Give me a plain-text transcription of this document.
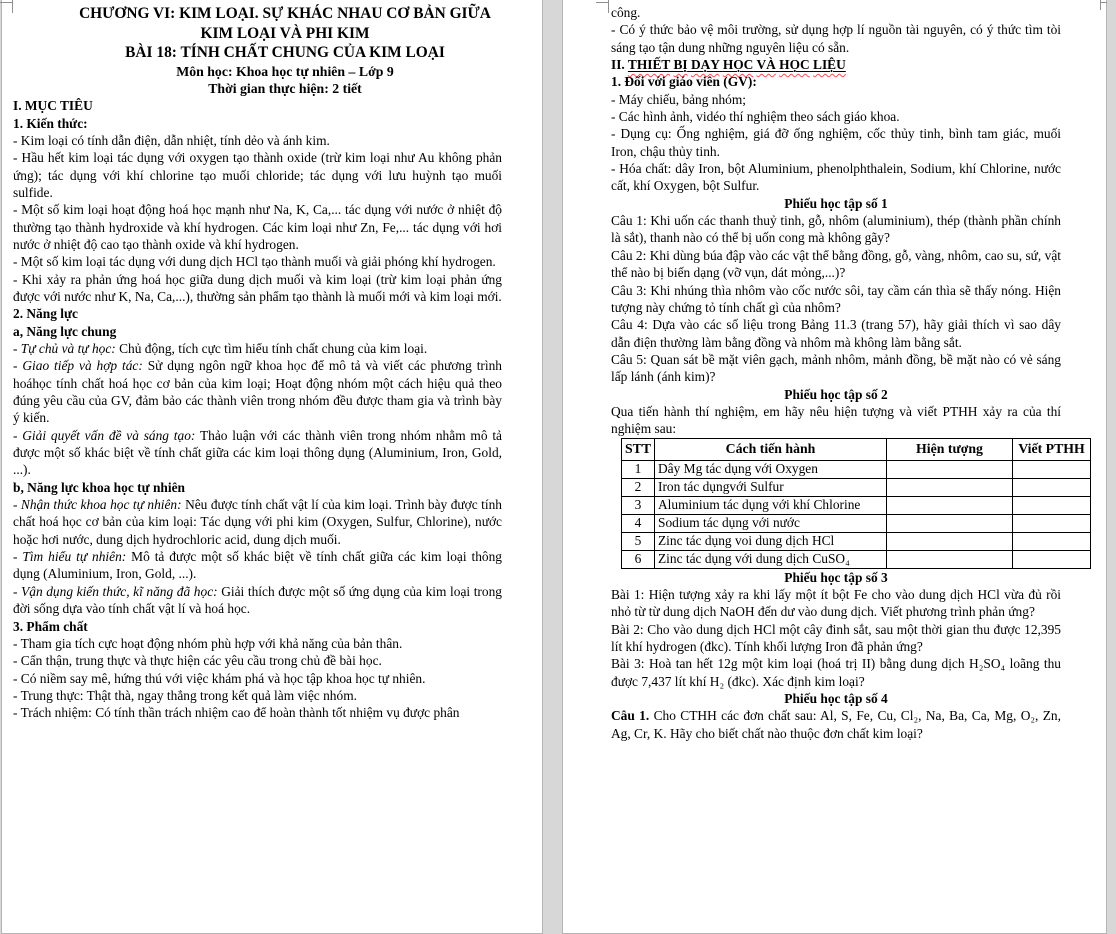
CHƯƠNG VI: KIM LOẠI. SỰ KHÁC NHAU CƠ BẢN GIỮA KIM LOẠI VÀ PHI KIM
BÀI 18: TÍNH CHẤT CHUNG CỦA KIM LOẠI
Môn học: Khoa học tự nhiên – Lớp 9
Thời gian thực hiện: 2 tiết
I. MỤC TIÊU
1. Kiến thức:
- Kim loại có tính dẫn điện, dẫn nhiệt, tính dẻo và ánh kim.
- Hầu hết kim loại tác dụng với oxygen tạo thành oxide (trừ kim loại như Au không phản ứng); tác dụng với khí chlorine tạo muối chloride; tác dụng với lưu huỳnh tạo muối sulfide.
- Một số kim loại hoạt động hoá học mạnh như Na, K, Ca,... tác dụng với nước ở nhiệt độ thường tạo thành hydroxide và khí hydrogen. Các kim loại như Zn, Fe,... tác dụng với hơi nước ở nhiệt độ cao tạo thành oxide và khí hydrogen.
- Một số kim loại tác dụng với dung dịch HCl tạo thành muối và giải phóng khí hydrogen.
- Khi xảy ra phản ứng hoá học giữa dung dịch muối và kim loại (trừ kim loại phản ứng được với nước như K, Na, Ca,...), thường sản phẩm tạo thành là muối mới và kim loại mới.
2. Năng lực
a, Năng lực chung
- Tự chủ và tự học: Chủ động, tích cực tìm hiểu tính chất chung của kim loại.
- Giao tiếp và hợp tác: Sử dụng ngôn ngữ khoa học để mô tả và viết các phương trình hoáhọc tính chất hoá học cơ bản của kim loại; Hoạt động nhóm một cách hiệu quả theo đúng yêu cầu của GV, đảm bảo các thành viên trong nhóm đều được tham gia và trình bày ý kiến.
- Giải quyết vấn đề và sáng tạo: Thảo luận với các thành viên trong nhóm nhằm mô tả được một số khác biệt về tính chất giữa các kim loại thông dụng (Aluminium, Iron, Gold, ...).
b, Năng lực khoa học tự nhiên
- Nhận thức khoa học tự nhiên: Nêu được tính chất vật lí của kim loại. Trình bày được tính chất hoá học cơ bản của kim loại: Tác dụng với phi kim (Oxygen, Sulfur, Chlorine), nước hoặc hơi nước, dung dịch hydrochloric acid, dung dịch muối.
- Tìm hiểu tự nhiên: Mô tả được một số khác biệt về tính chất giữa các kim loại thông dụng (Aluminium, Iron, Gold, ...).
- Vận dụng kiến thức, kĩ năng đã học: Giải thích được một số ứng dụng của kim loại trong đời sống dựa vào tính chất vật lí và hoá học.
3. Phẩm chất
- Tham gia tích cực hoạt động nhóm phù hợp với khả năng của bản thân.
- Cẩn thận, trung thực và thực hiện các yêu cầu trong chủ đề bài học.
- Có niềm say mê, hứng thú với việc khám phá và học tập khoa học tự nhiên.
- Trung thực: Thật thà, ngay thẳng trong kết quả làm việc nhóm.
- Trách nhiệm: Có tính thần trách nhiệm cao để hoàn thành tốt nhiệm vụ được phân
công.
- Có ý thức bảo vệ môi trường, sử dụng hợp lí nguồn tài nguyên, có ý thức tìm tòi sáng tạo tận dung những nguyên liệu có sẵn.
II. THIẾT BỊ DẠY HỌC VÀ HỌC LIỆU
1. Đối với giáo viên (GV):
- Máy chiếu, bảng nhóm;
- Các hình ảnh, vidéo thí nghiệm theo sách giáo khoa.
- Dụng cụ: Ống nghiệm, giá đỡ ống nghiệm, cốc thủy tinh, bình tam giác, muối Iron, chậu thủy tinh.
- Hóa chất: dây Iron, bột Aluminium, phenolphthalein, Sodium, khí Chlorine, nước cất, khí Oxygen, bột Sulfur.
Phiếu học tập số 1
Câu 1: Khi uốn các thanh thuỷ tinh, gỗ, nhôm (aluminium), thép (thành phần chính là sắt), thanh nào có thể bị uốn cong mà không gãy?
Câu 2: Khi dùng búa đập vào các vật thể bằng đồng, gỗ, vàng, nhôm, cao su, sứ, vật thể nào bị biến dạng (vỡ vụn, dát mỏng,...)?
Câu 3: Khi nhúng thìa nhôm vào cốc nước sôi, tay cầm cán thìa sẽ thấy nóng. Hiện tượng này chứng tỏ tính chất gì của nhôm?
Câu 4: Dựa vào các số liệu trong Bảng 11.3 (trang 57), hãy giải thích vì sao dây dẫn điện thường làm bằng đồng và nhôm mà không làm bằng sắt.
Câu 5: Quan sát bề mặt viên gạch, mảnh nhôm, mảnh đồng, bề mặt nào có vẻ sáng lấp lánh (ánh kim)?
Phiếu học tập số 2
Qua tiến hành thí nghiệm, em hãy nêu hiện tượng và viết PTHH xảy ra của thí nghiệm sau:
STT	Cách tiến hành	Hiện tượng	Viết PTHH
1	Dây Mg tác dụng với Oxygen		
2	Iron tác dụngvới Sulfur		
3	Aluminium tác dụng với khí Chlorine		
4	Sodium tác dụng với nước		
5	Zinc tác dụng voi dung dịch HCl		
6	Zinc tác dụng với dung dịch CuSO₄		
Phiếu học tập số 3
Bài 1: Hiện tượng xảy ra khi lấy một ít bột Fe cho vào dung dịch HCl vừa đủ rồi nhỏ từ từ dung dịch NaOH đến dư vào dung dịch. Viết phương trình phản ứng?
Bài 2: Cho vào dung dịch HCl một cây đinh sắt, sau một thời gian thu được 12,395 lít khí hydrogen (đkc). Tính khối lượng Iron đã phản ứng?
Bài 3: Hoà tan hết 12g một kim loại (hoá trị II) bằng dung dịch H₂SO₄ loãng thu được 7,437 lít khí H₂ (đkc). Xác định kim loại?
Phiếu học tập số 4
Câu 1. Cho CTHH các đơn chất sau: Al, S, Fe, Cu, Cl₂, Na, Ba, Ca, Mg, O₂, Zn, Ag, Cr, K. Hãy cho biết chất nào thuộc đơn chất kim loại?
